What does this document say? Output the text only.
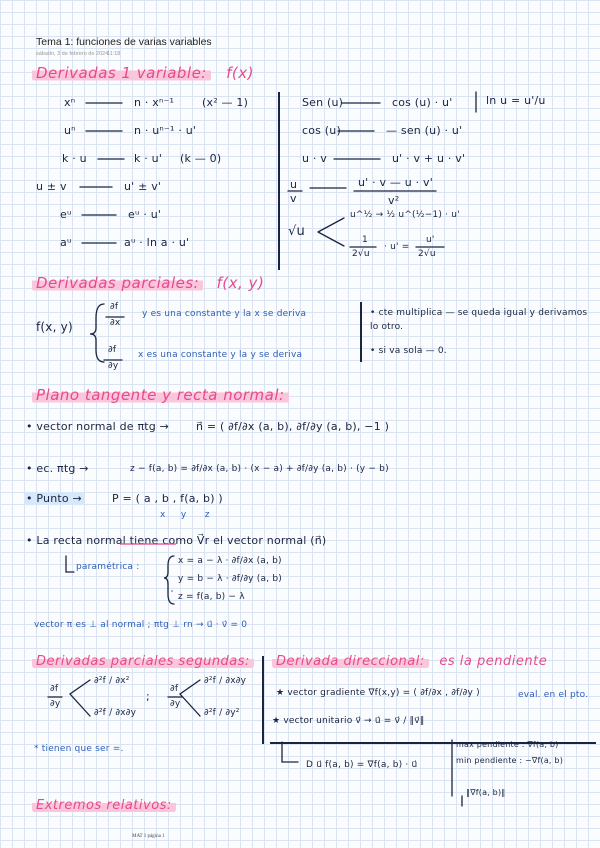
Tema 1: funciones de varias variables
sábado, 3 de febrero de 2024
11:18
Derivadas 1 variable: f(x)
xⁿ	n · xⁿ⁻¹	(x² — 1)
uⁿ	n · uⁿ⁻¹ · u'
k · u	k · u' (k — 0)
u ± v	u' ± v'
eᵘ	eᵘ · u'
aᵘ	aᵘ · ln a · u'
Sen (u)	cos (u) · u'	ln u = u'/u
cos (u)	— sen (u) · u'
u · v	u' · v + u · v'
u
v
u' · v — u · v'
v²
√u
u^½ → ½ u^(½−1) · u'
1
2√u
· u' =
u'
2√u
Derivadas parciales: f(x, y)
f(x, y)
∂f
∂x
∂f
∂y
y es una constante y la x se deriva
x es una constante y la y se deriva
• cte multiplica — se queda igual y derivamos lo otro.
• si va sola — 0.
Plano tangente y recta normal:
• vector normal de πtg → n⃗ = ( ∂f/∂x (a, b), ∂f/∂y (a, b), −1 )
• ec. πtg →	z − f(a, b) = ∂f/∂x (a, b) · (x − a) + ∂f/∂y (a, b) · (y − b)
• Punto →	P = ( a , b , f(a, b) )
x     y      z
• La recta normal tiene como V⃗r el vector normal (n⃗)
paramétrica :
x = a − λ · ∂f/∂x (a, b)
y = b − λ · ∂f/∂y (a, b)
z = f(a, b) − λ
vector π es ⊥ al normal ; πtg ⊥ rn → u⃗ · v⃗ = 0
Derivadas parciales segundas:
∂f
∂y
∂²f / ∂x²
∂²f / ∂x∂y
;
∂f
∂y
∂²f / ∂x∂y
∂²f / ∂y²
* tienen que ser =.
Derivada direccional: es la pendiente
★ vector gradiente ∇f(x,y) = ( ∂f/∂x , ∂f/∂y )	eval. en el pto.
★ vector unitario v⃗ → u⃗ = v⃗ / ‖v⃗‖
D u⃗ f(a, b) = ∇f(a, b) · u⃗
max pendiente : ∇f(a, b)
min pendiente : −∇f(a, b)
‖∇f(a, b)‖
Extremos relativos:
MAT 1 página 1
